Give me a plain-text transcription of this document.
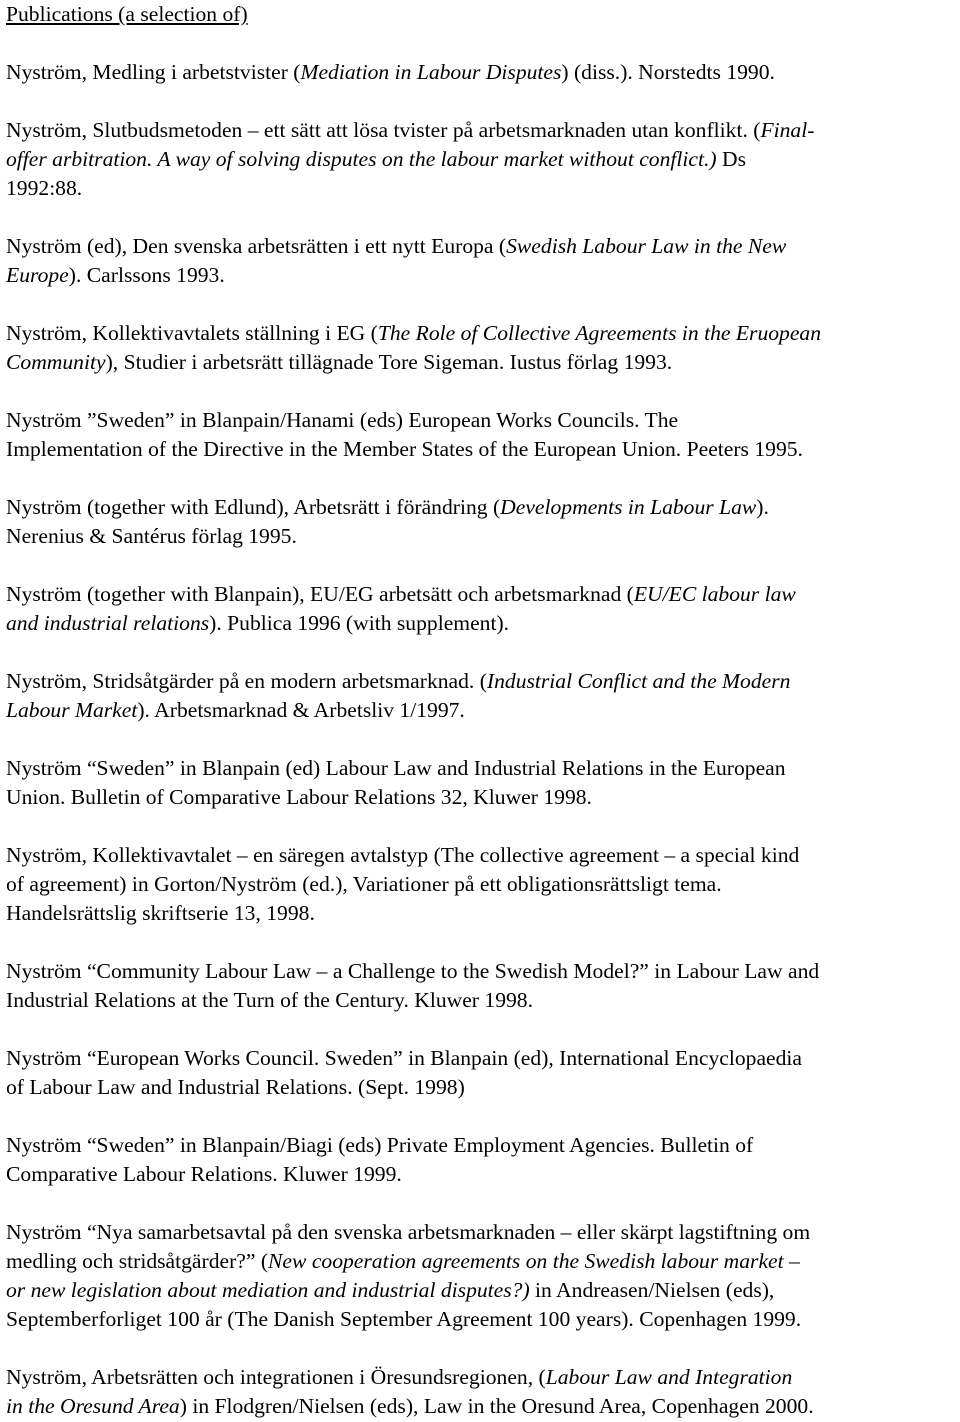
Publications (a selection of)
Nyström, Medling i arbetstvister (Mediation in Labour Disputes) (diss.). Norstedts 1990.
Nyström, Slutbudsmetoden – ett sätt att lösa tvister på arbetsmarknaden utan konflikt. (Final-
offer arbitration. A way of solving disputes on the labour market without conflict.) Ds
1992:88.
Nyström (ed), Den svenska arbetsrätten i ett nytt Europa (Swedish Labour Law in the New
Europe). Carlssons 1993.
Nyström, Kollektivavtalets ställning i EG (The Role of Collective Agreements in the Eruopean
Community), Studier i arbetsrätt tillägnade Tore Sigeman. Iustus förlag 1993.
Nyström ”Sweden” in Blanpain/Hanami (eds) European Works Councils. The
Implementation of the Directive in the Member States of the European Union. Peeters 1995.
Nyström (together with Edlund), Arbetsrätt i förändring (Developments in Labour Law).
Nerenius & Santérus förlag 1995.
Nyström (together with Blanpain), EU/EG arbetsätt och arbetsmarknad (EU/EC labour law
and industrial relations). Publica 1996 (with supplement).
Nyström, Stridsåtgärder på en modern arbetsmarknad. (Industrial Conflict and the Modern
Labour Market). Arbetsmarknad & Arbetsliv 1/1997.
Nyström “Sweden” in Blanpain (ed) Labour Law and Industrial Relations in the European
Union. Bulletin of Comparative Labour Relations 32, Kluwer 1998.
Nyström, Kollektivavtalet – en säregen avtalstyp (The collective agreement – a special kind
of agreement) in Gorton/Nyström (ed.), Variationer på ett obligationsrättsligt tema.
Handelsrättslig skriftserie 13, 1998.
Nyström “Community Labour Law – a Challenge to the Swedish Model?” in Labour Law and
Industrial Relations at the Turn of the Century. Kluwer 1998.
Nyström “European Works Council. Sweden” in Blanpain (ed), International Encyclopaedia
of Labour Law and Industrial Relations. (Sept. 1998)
Nyström “Sweden” in Blanpain/Biagi (eds) Private Employment Agencies. Bulletin of
Comparative Labour Relations. Kluwer 1999.
Nyström “Nya samarbetsavtal på den svenska arbetsmarknaden – eller skärpt lagstiftning om
medling och stridsåtgärder?” (New cooperation agreements on the Swedish labour market –
or new legislation about mediation and industrial disputes?) in Andreasen/Nielsen (eds),
Septemberforliget 100 år (The Danish September Agreement 100 years). Copenhagen 1999.
Nyström, Arbetsrätten och integrationen i Öresundsregionen, (Labour Law and Integration
in the Oresund Area) in Flodgren/Nielsen (eds), Law in the Oresund Area, Copenhagen 2000.
